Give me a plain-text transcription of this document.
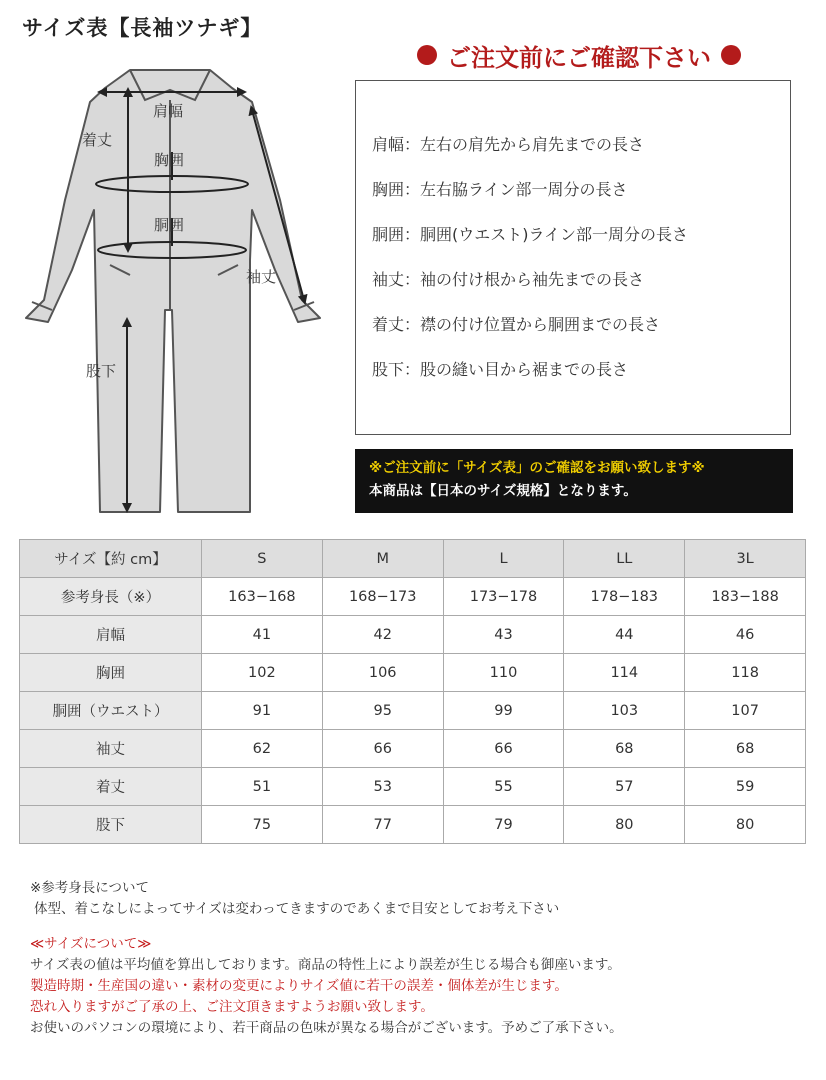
サイズ表【長袖ツナギ】
ご注文前にご確認下さい
肩幅：左右の肩先から肩先までの長さ
胸囲：左右脇ライン部一周分の長さ
胴囲：胴囲(ウエスト)ライン部一周分の長さ
袖丈：袖の付け根から袖先までの長さ
着丈：襟の付け位置から胴囲までの長さ
股下：股の縫い目から裾までの長さ
※ご注文前に「サイズ表」のご確認をお願い致します※
本商品は【日本のサイズ規格】となります。
肩幅
着丈
胸囲
胴囲
袖丈
股下
サイズ【約 cm】	S	M	L	LL	3L
参考身長（※）	163−168	168−173	173−178	178−183	183−188
肩幅	41	42	43	44	46
胸囲	102	106	110	114	118
胴囲（ウエスト）	91	95	99	103	107
袖丈	62	66	66	68	68
着丈	51	53	55	57	59
股下	75	77	79	80	80
※参考身長について
体型、着こなしによってサイズは変わってきますのであくまで目安としてお考え下さい
≪サイズについて≫
サイズ表の値は平均値を算出しております。商品の特性上により誤差が生じる場合も御座います。
製造時期・生産国の違い・素材の変更によりサイズ値に若干の誤差・個体差が生じます。
恐れ入りますがご了承の上、ご注文頂きますようお願い致します。
お使いのパソコンの環境により、若干商品の色味が異なる場合がございます。予めご了承下さい。
